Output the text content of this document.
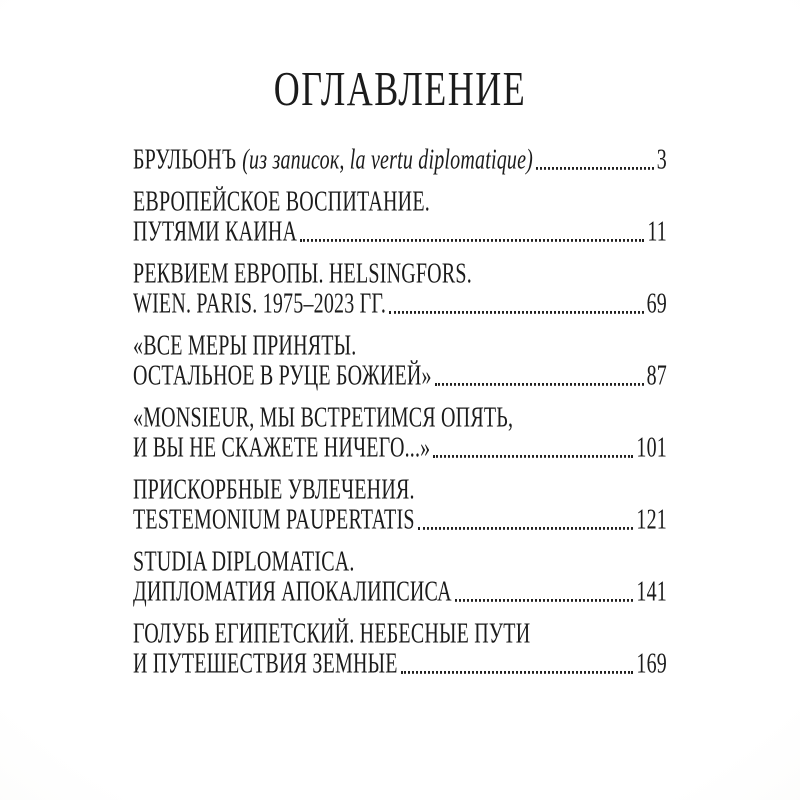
ОГЛАВЛЕНИЕ
БРУЛЬОНЪ (из записок, la vertu diplomatique)	3
ЕВРОПЕЙСКОЕ ВОСПИТАНИЕ.
ПУТЯМИ КАИНА	11
РЕКВИЕМ ЕВРОПЫ. HELSINGFORS.
WIEN. PARIS. 1975–2023 ГГ.	69
«ВСЕ МЕРЫ ПРИНЯТЫ.
ОСТАЛЬНОЕ В РУЦЕ БОЖИЕЙ»	87
«MONSIEUR, МЫ ВСТРЕТИМСЯ ОПЯТЬ,
И ВЫ НЕ СКАЖЕТЕ НИЧЕГО...»	101
ПРИСКОРБНЫЕ УВЛЕЧЕНИЯ.
TESTEMONIUM PAUPERTATIS	121
STUDIA DIPLOMATICA.
ДИПЛОМАТИЯ АПОКАЛИПСИСА	141
ГОЛУБЬ ЕГИПЕТСКИЙ. НЕБЕСНЫЕ ПУТИ
И ПУТЕШЕСТВИЯ ЗЕМНЫЕ	169
